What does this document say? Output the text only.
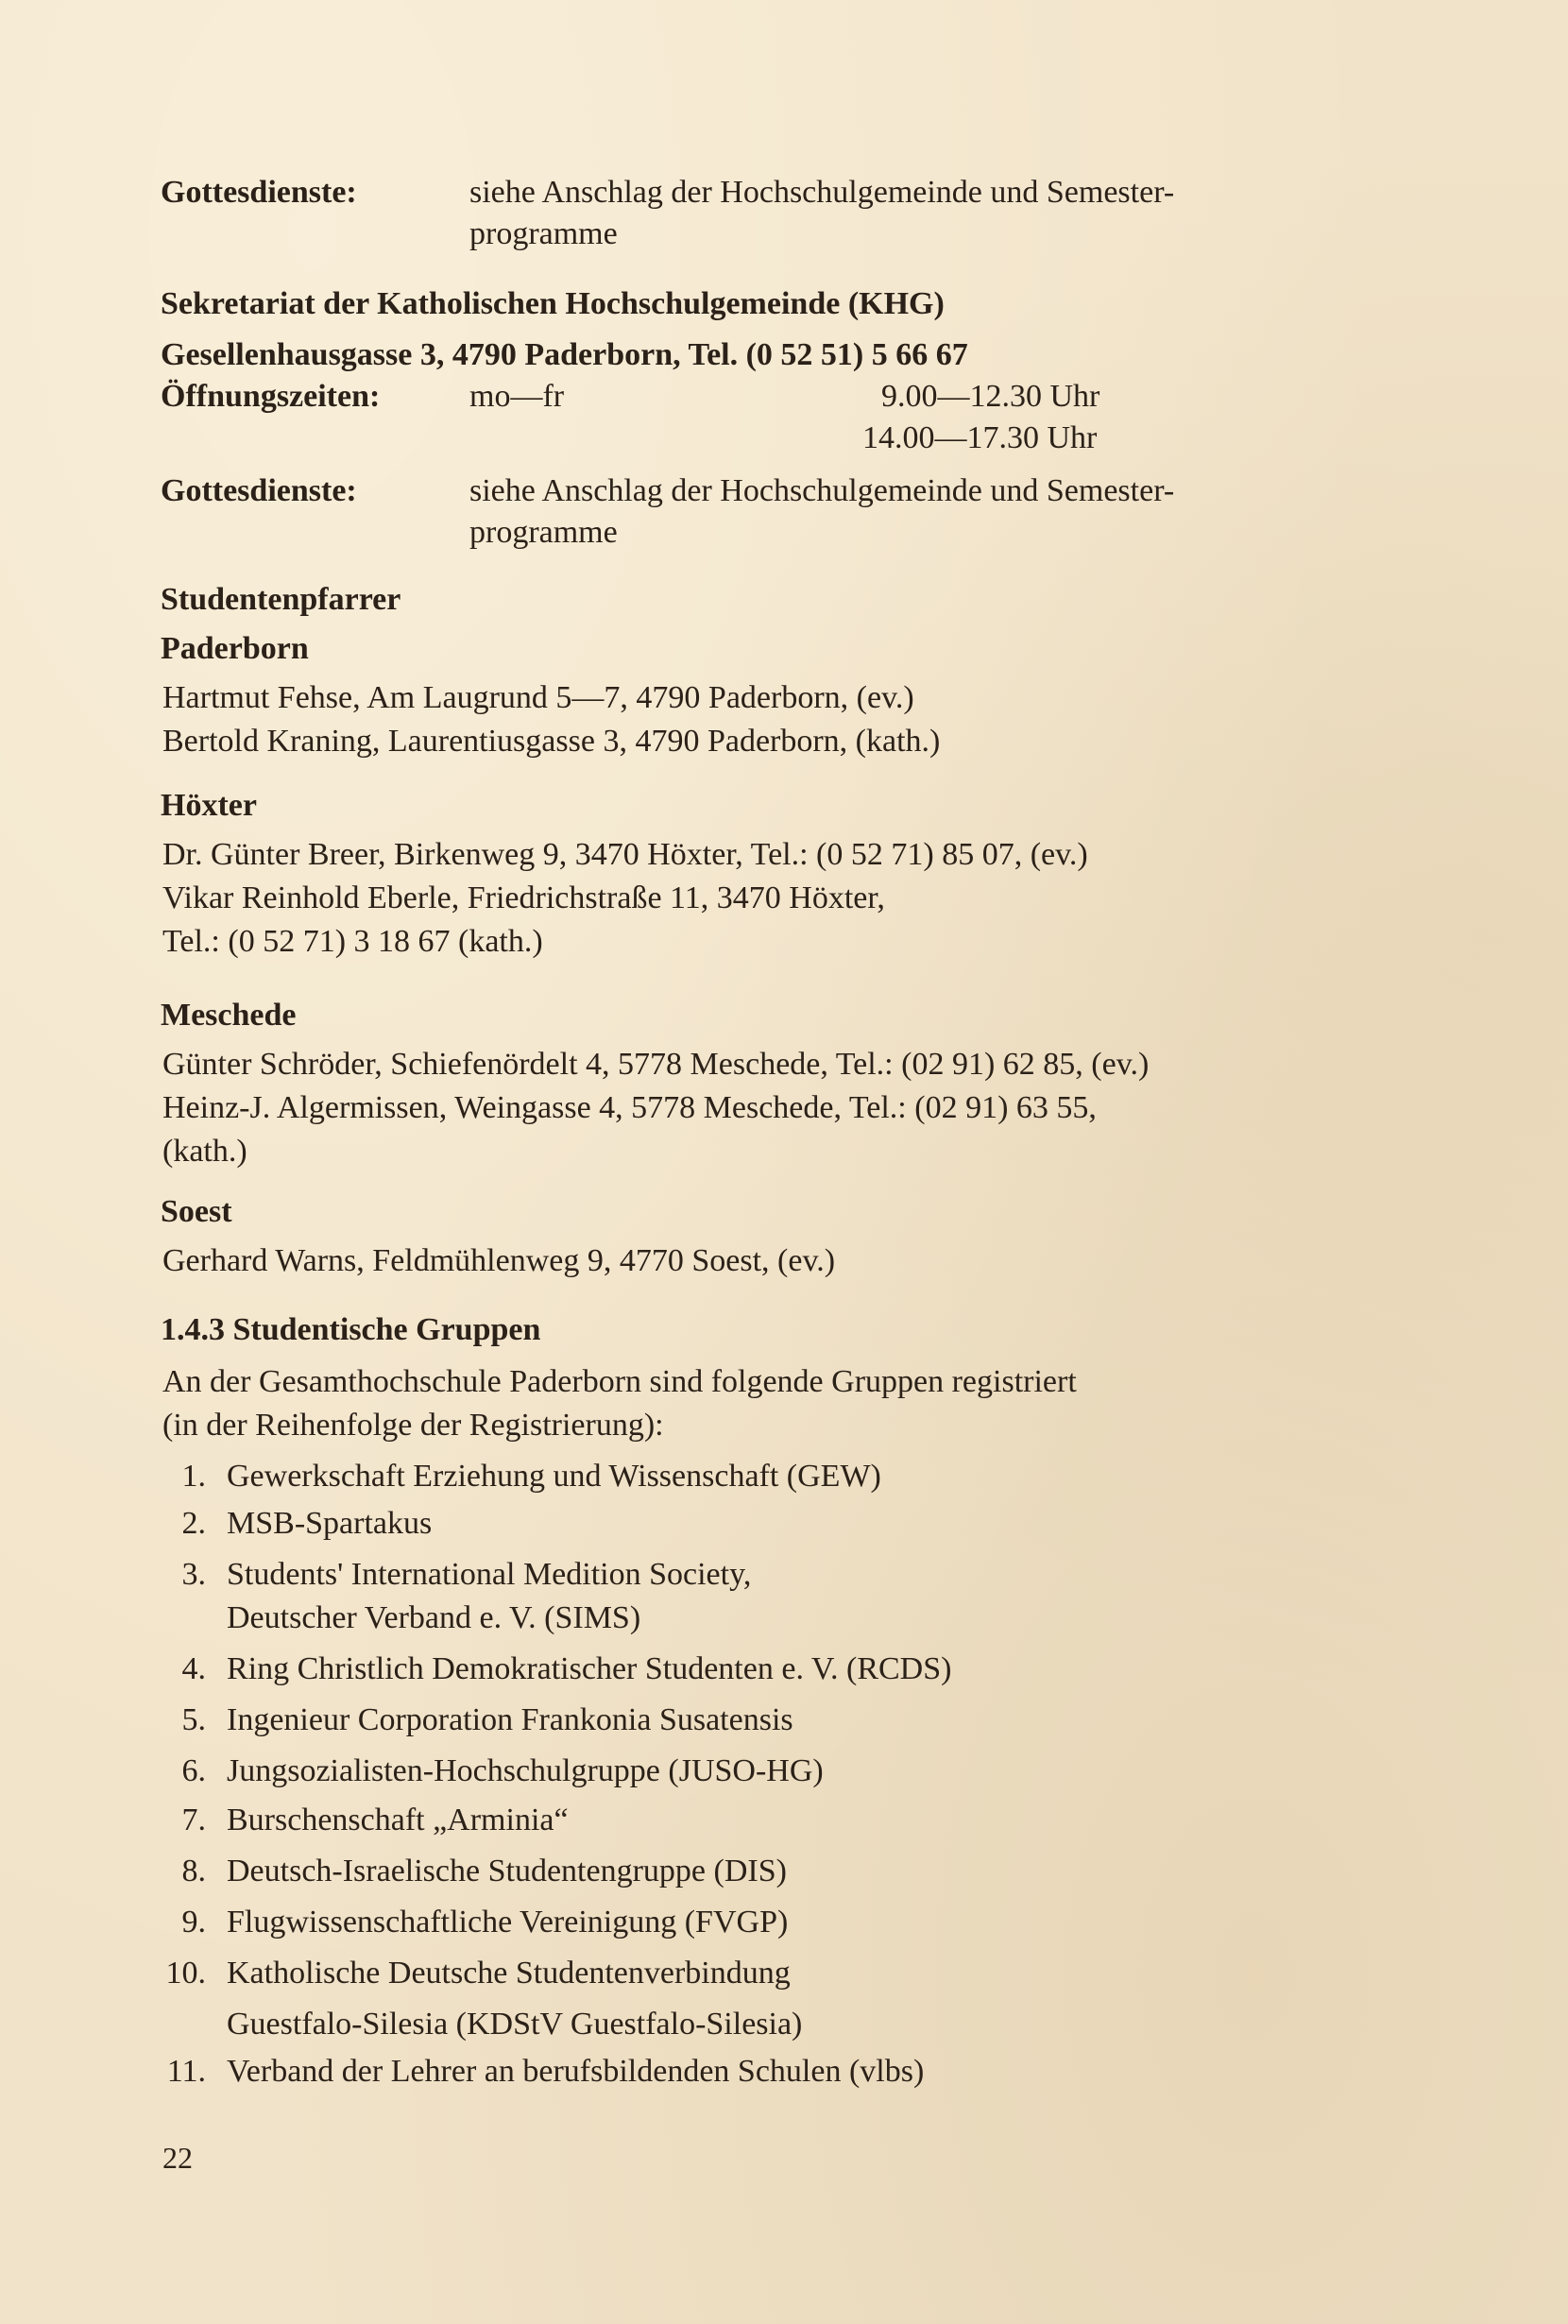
Gottesdienste:	siehe Anschlag der Hochschulgemeinde und Semester-
programme
Sekretariat der Katholischen Hochschulgemeinde (KHG)
Gesellenhausgasse 3, 4790 Paderborn, Tel. (0 52 51) 5 66 67
Öffnungszeiten:	mo—fr	9.00—12.30 Uhr
14.00—17.30 Uhr
Gottesdienste:	siehe Anschlag der Hochschulgemeinde und Semester-
programme
Studentenpfarrer
Paderborn
Hartmut Fehse, Am Laugrund 5—7, 4790 Paderborn, (ev.)
Bertold Kraning, Laurentiusgasse 3, 4790 Paderborn, (kath.)
Höxter
Dr. Günter Breer, Birkenweg 9, 3470 Höxter, Tel.: (0 52 71) 85 07, (ev.)
Vikar Reinhold Eberle, Friedrichstraße 11, 3470 Höxter,
Tel.: (0 52 71) 3 18 67 (kath.)
Meschede
Günter Schröder, Schiefenördelt 4, 5778 Meschede, Tel.: (02 91) 62 85, (ev.)
Heinz-J. Algermissen, Weingasse 4, 5778 Meschede, Tel.: (02 91) 63 55,
(kath.)
Soest
Gerhard Warns, Feldmühlenweg 9, 4770 Soest, (ev.)
1.4.3 Studentische Gruppen
An der Gesamthochschule Paderborn sind folgende Gruppen registriert
(in der Reihenfolge der Registrierung):
1. Gewerkschaft Erziehung und Wissenschaft (GEW)
2. MSB-Spartakus
3. Students' International Medition Society,
Deutscher Verband e. V. (SIMS)
4. Ring Christlich Demokratischer Studenten e. V. (RCDS)
5. Ingenieur Corporation Frankonia Susatensis
6. Jungsozialisten-Hochschulgruppe (JUSO-HG)
7. Burschenschaft „Arminia“
8. Deutsch-Israelische Studentengruppe (DIS)
9. Flugwissenschaftliche Vereinigung (FVGP)
10. Katholische Deutsche Studentenverbindung
Guestfalo-Silesia (KDStV Guestfalo-Silesia)
11. Verband der Lehrer an berufsbildenden Schulen (vlbs)
22
